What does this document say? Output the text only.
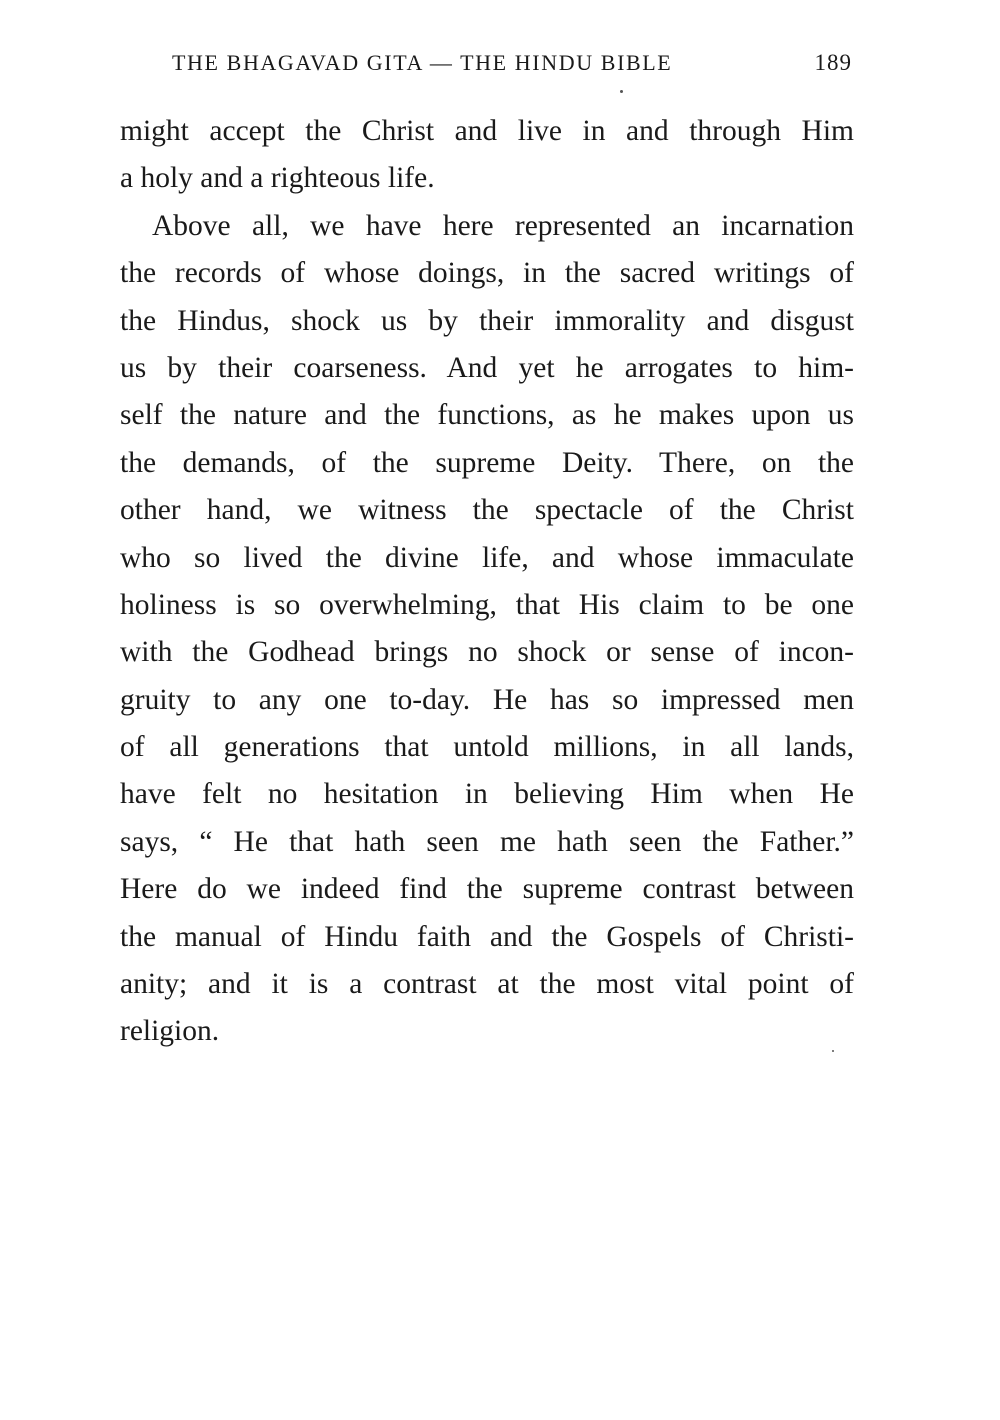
THE BHAGAVAD GITA — THE HINDU BIBLE	189
might accept the Christ and live in and through Him
a holy and a righteous life.
Above all, we have here represented an incarnation
the records of whose doings, in the sacred writings of
the Hindus, shock us by their immorality and disgust
us by their coarseness. And yet he arrogates to him-
self the nature and the functions, as he makes upon us
the demands, of the supreme Deity. There, on the
other hand, we witness the spectacle of the Christ
who so lived the divine life, and whose immaculate
holiness is so overwhelming, that His claim to be one
with the Godhead brings no shock or sense of incon-
gruity to any one to-day. He has so impressed men
of all generations that untold millions, in all lands,
have felt no hesitation in believing Him when He
says, “ He that hath seen me hath seen the Father.”
Here do we indeed find the supreme contrast between
the manual of Hindu faith and the Gospels of Christi-
anity; and it is a contrast at the most vital point of
religion.
